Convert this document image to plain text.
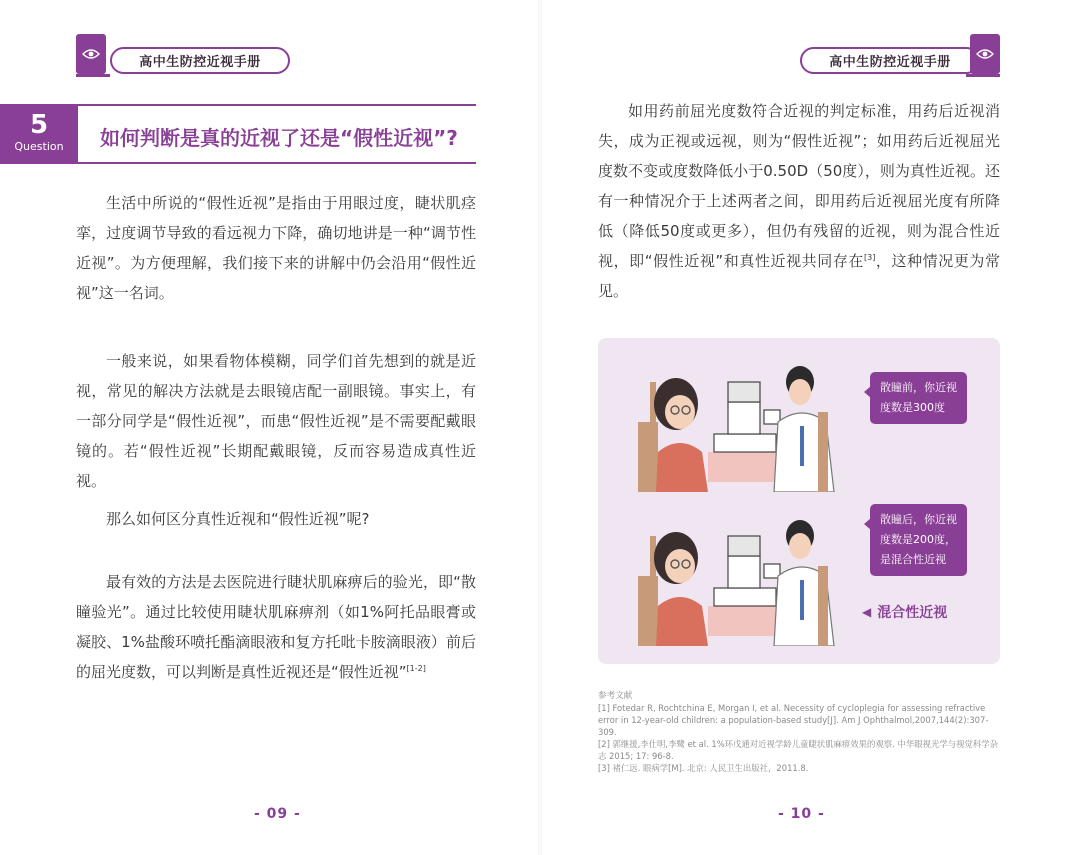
高中生防控近视手册
5
Question	如何判断是真的近视了还是“假性近视”?

生活中所说的“假性近视”是指由于用眼过度，睫状肌痉挛，过度调节导致的看远视力下降，确切地讲是一种“调节性近视”。为方便理解，我们接下来的讲解中仍会沿用“假性近视”这一名词。

一般来说，如果看物体模糊，同学们首先想到的就是近视，常见的解决方法就是去眼镜店配一副眼镜。事实上，有一部分同学是“假性近视”，而患“假性近视”是不需要配戴眼镜的。若“假性近视”长期配戴眼镜，反而容易造成真性近视。

那么如何区分真性近视和“假性近视”呢?

最有效的方法是去医院进行睫状肌麻痹后的验光，即“散瞳验光”。通过比较使用睫状肌麻痹剂（如1%阿托品眼膏或凝胶、1%盐酸环喷托酯滴眼液和复方托吡卡胺滴眼液）前后的屈光度数，可以判断是真性近视还是“假性近视”[1-2]

- 09 -
高中生防控近视手册

如用药前屈光度数符合近视的判定标准，用药后近视消失，成为正视或远视，则为“假性近视”；如用药后近视屈光度数不变或度数降低小于0.50D（50度），则为真性近视。还有一种情况介于上述两者之间，即用药后近视屈光度有所降低（降低50度或更多），但仍有残留的近视，则为混合性近视，即“假性近视”和真性近视共同存在[3]，这种情况更为常见。

散瞳前，你近视
度数是300度
散瞳后，你近视
度数是200度，
是混合性近视
◀ 混合性近视
参考文献
[1] Fotedar R, Rochtchina E, Morgan I, et al. Necessity of cycloplegia for assessing refractive error in 12-year-old children: a population-based study[J]. Am J Ophthalmol,2007,144(2):307-309.
[2] 郭继援,李仕明,李鹭 et al. 1%环戊通对近视学龄儿童睫状肌麻痹效果的观察. 中华眼视光学与视觉科学杂志 2015; 17: 96-8.
[3] 褚仁远. 眼病学[M]. 北京: 人民卫生出版社，2011.8.
- 10 -
